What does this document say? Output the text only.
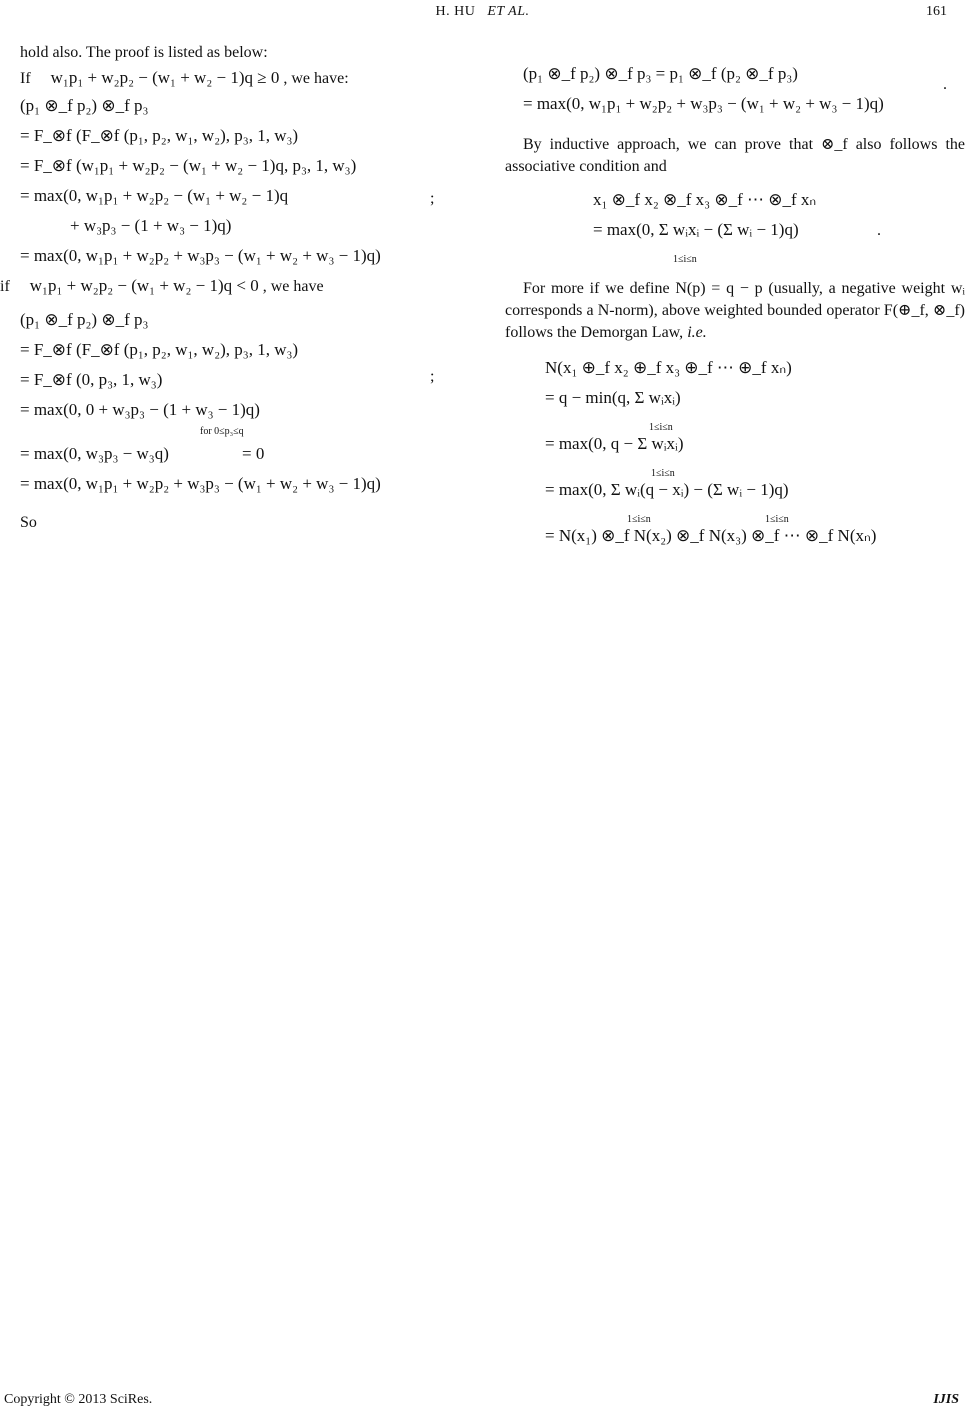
H. HU ET AL.	161

hold also. The proof is listed as below:

If w₁p₁ + w₂p₂ − (w₁ + w₂ − 1)q ≥ 0 , we have:
(p₁ ⊗_f p₂) ⊗_f p₃
= F_⊗f (F_⊗f (p₁, p₂, w₁, w₂), p₃, 1, w₃)
= F_⊗f (w₁p₁ + w₂p₂ − (w₁ + w₂ − 1)q, p₃, 1, w₃)
= max(0, w₁p₁ + w₂p₂ − (w₁ + w₂ − 1)q
+ w₃p₃ − (1 + w₃ − 1)q)
= max(0, w₁p₁ + w₂p₂ + w₃p₃ − (w₁ + w₂ + w₃ − 1)q)
;
if w₁p₁ + w₂p₂ − (w₁ + w₂ − 1)q < 0 , we have
(p₁ ⊗_f p₂) ⊗_f p₃
= F_⊗f (F_⊗f (p₁, p₂, w₁, w₂), p₃, 1, w₃)
= F_⊗f (0, p₃, 1, w₃)
= max(0, 0 + w₃p₃ − (1 + w₃ − 1)q)
for 0≤p₃≤q
= max(0, w₃p₃ − w₃q)	= 0
= max(0, w₁p₁ + w₂p₂ + w₃p₃ − (w₁ + w₂ + w₃ − 1)q)
;

So

(p₁ ⊗_f p₂) ⊗_f p₃ = p₁ ⊗_f (p₂ ⊗_f p₃)
= max(0, w₁p₁ + w₂p₂ + w₃p₃ − (w₁ + w₂ + w₃ − 1)q)
.

By inductive approach, we can prove that ⊗_f also follows the associative condition and

x₁ ⊗_f x₂ ⊗_f x₃ ⊗_f ⋯ ⊗_f xₙ
= max(0, Σ wᵢxᵢ − (Σ wᵢ − 1)q)
1≤i≤n
.

For more if we define N(p) = q − p (usually, a negative weight wᵢ corresponds a N-norm), above weighted bounded operator F(⊕_f, ⊗_f) follows the Demorgan Law, i.e.

N(x₁ ⊕_f x₂ ⊕_f x₃ ⊕_f ⋯ ⊕_f xₙ)
= q − min(q, Σ wᵢxᵢ)
1≤i≤n
= max(0, q − Σ wᵢxᵢ)
1≤i≤n
= max(0, Σ wᵢ(q − xᵢ) − (Σ wᵢ − 1)q)
1≤i≤n	1≤i≤n
= N(x₁) ⊗_f N(x₂) ⊗_f N(x₃) ⊗_f ⋯ ⊗_f N(xₙ)
Copyright © 2013 SciRes.	IJIS
